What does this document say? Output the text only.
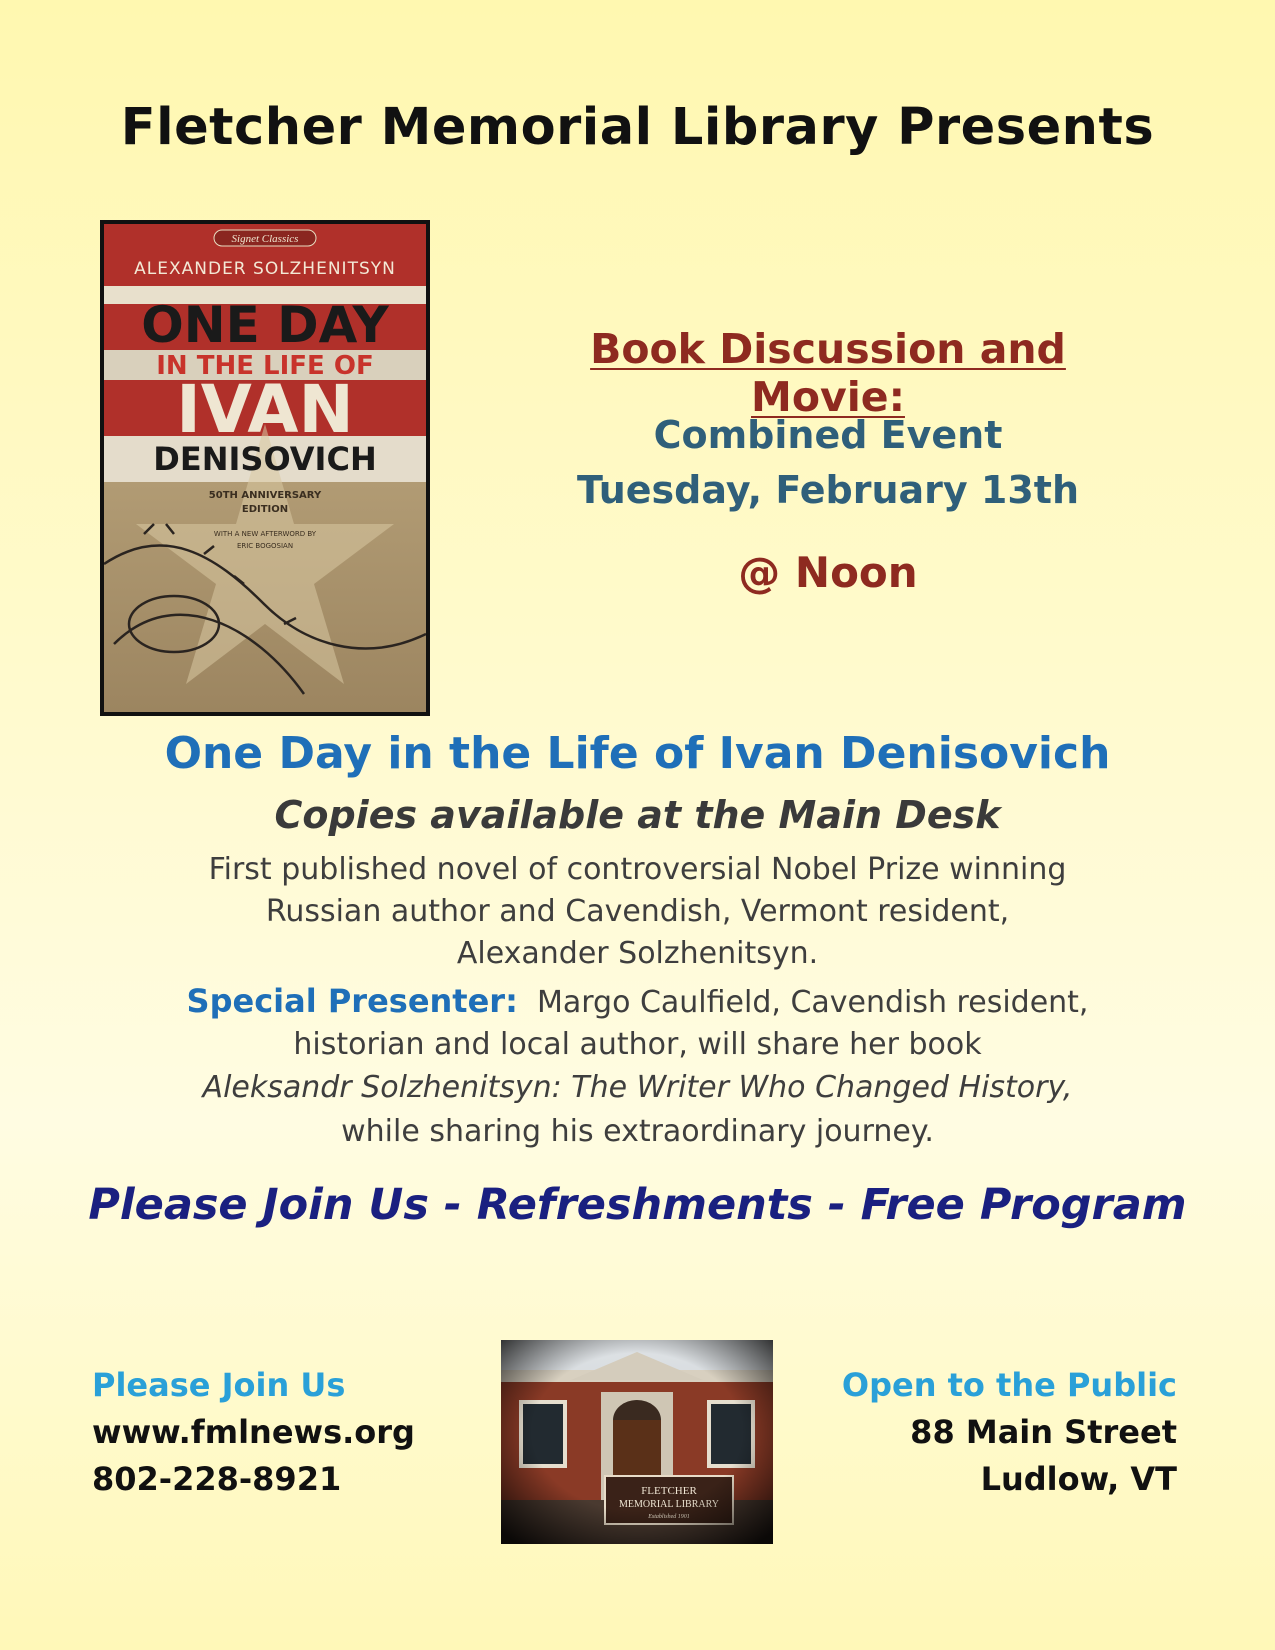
Fletcher Memorial Library Presents
Signet Classics
ALEXANDER SOLZHENITSYN
ONE DAY
IN THE LIFE OF
IVAN
DENISOVICH
50TH ANNIVERSARY
EDITION
WITH A NEW AFTERWORD BY
ERIC BOGOSIAN
Book Discussion and Movie:
Combined Event
Tuesday, February 13th
@ Noon
One Day in the Life of Ivan Denisovich
Copies available at the Main Desk
First published novel of controversial Nobel Prize winning
Russian author and Cavendish, Vermont resident,
Alexander Solzhenitsyn.
Special Presenter: Margo Caulfield, Cavendish resident,
historian and local author, will share her book
Aleksandr Solzhenitsyn: The Writer Who Changed History,
while sharing his extraordinary journey.
Please Join Us - Refreshments - Free Program
Please Join Us
www.fmlnews.org
802-228-8921
Open to the Public
88 Main Street
Ludlow, VT
